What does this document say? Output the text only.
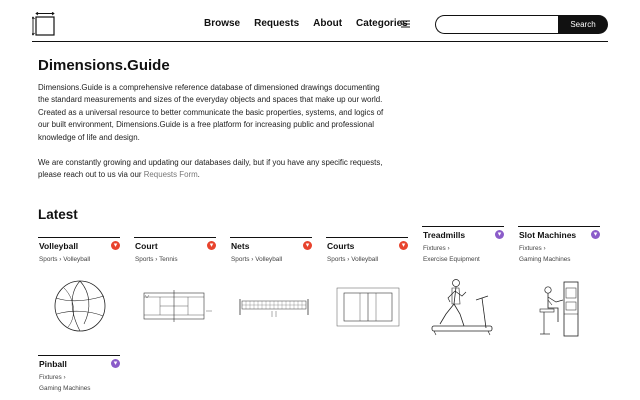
Browse Requests About Categories	Search
Dimensions.Guide

Dimensions.Guide is a comprehensive reference database of dimensioned drawings documenting the standard measurements and sizes of the everyday objects and spaces that make up our world. Created as a universal resource to better communicate the basic properties, systems, and logics of our built environment, Dimensions.Guide is a free platform for increasing public and professional knowledge of life and design.

We are constantly growing and updating our databases daily, but if you have any specific requests, please reach out to us via our Requests Form.

Latest
Volleyball	▾
Sports › Volleyball
Court	▾
Sports › Tennis
Nets	▾
Sports › Volleyball
Courts	▾
Sports › Volleyball
Treadmills	▾
Fixtures ›
Exercise Equipment
Slot Machines	▾
Fixtures ›
Gaming Machines
Pinball	▾
Fixtures ›
Gaming Machines
